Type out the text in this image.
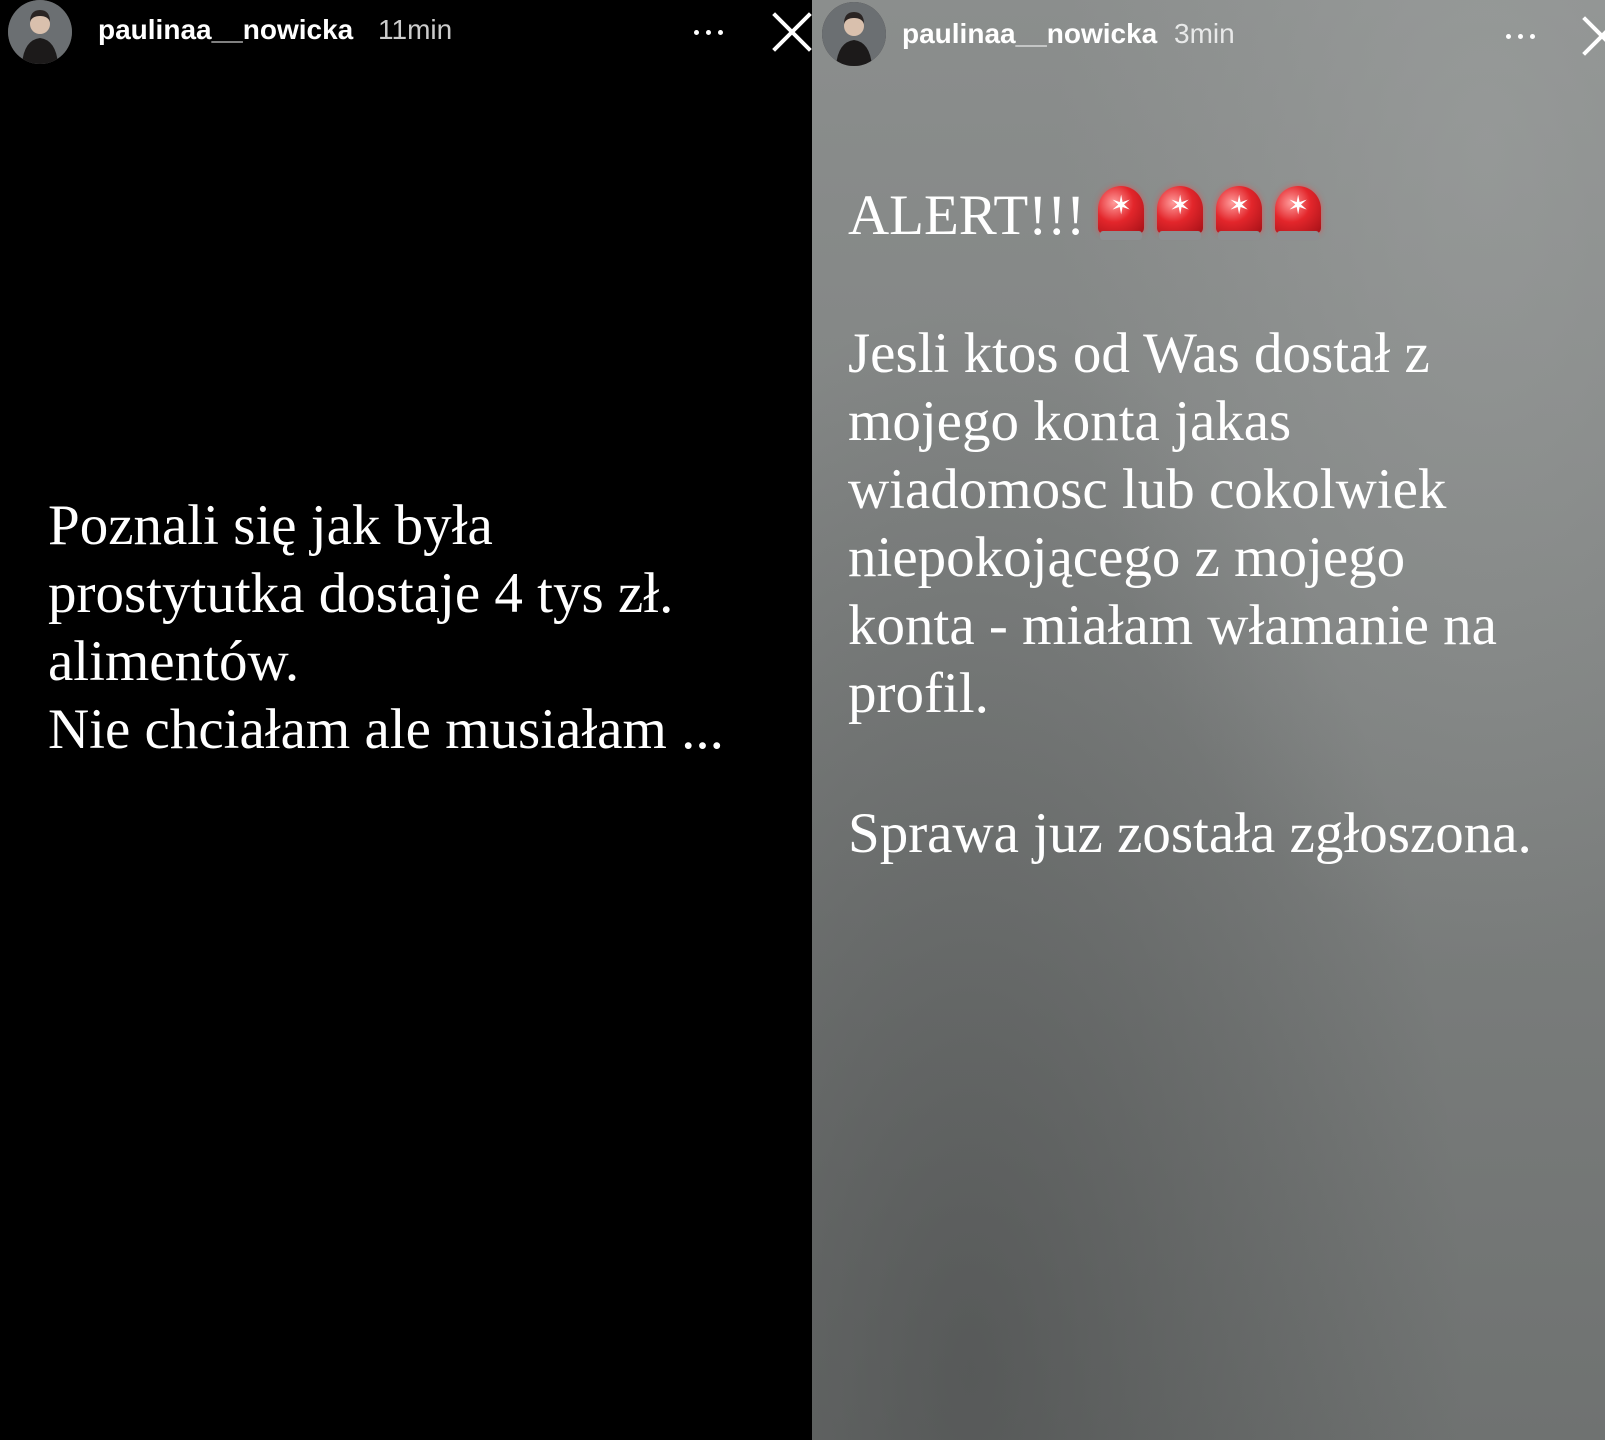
paulinaa__nowicka 11min
Poznali się jak była
prostytutka dostaje 4 tys zł.
alimentów.
Nie chciałam ale musiałam ...
paulinaa__nowicka 3min
ALERT!!! ✶ ✶ ✶ ✶
Jesli ktos od Was dostał z
mojego konta jakas
wiadomosc lub cokolwiek
niepokojącego z mojego
konta - miałam włamanie na
profil.
Sprawa juz została zgłoszona.
